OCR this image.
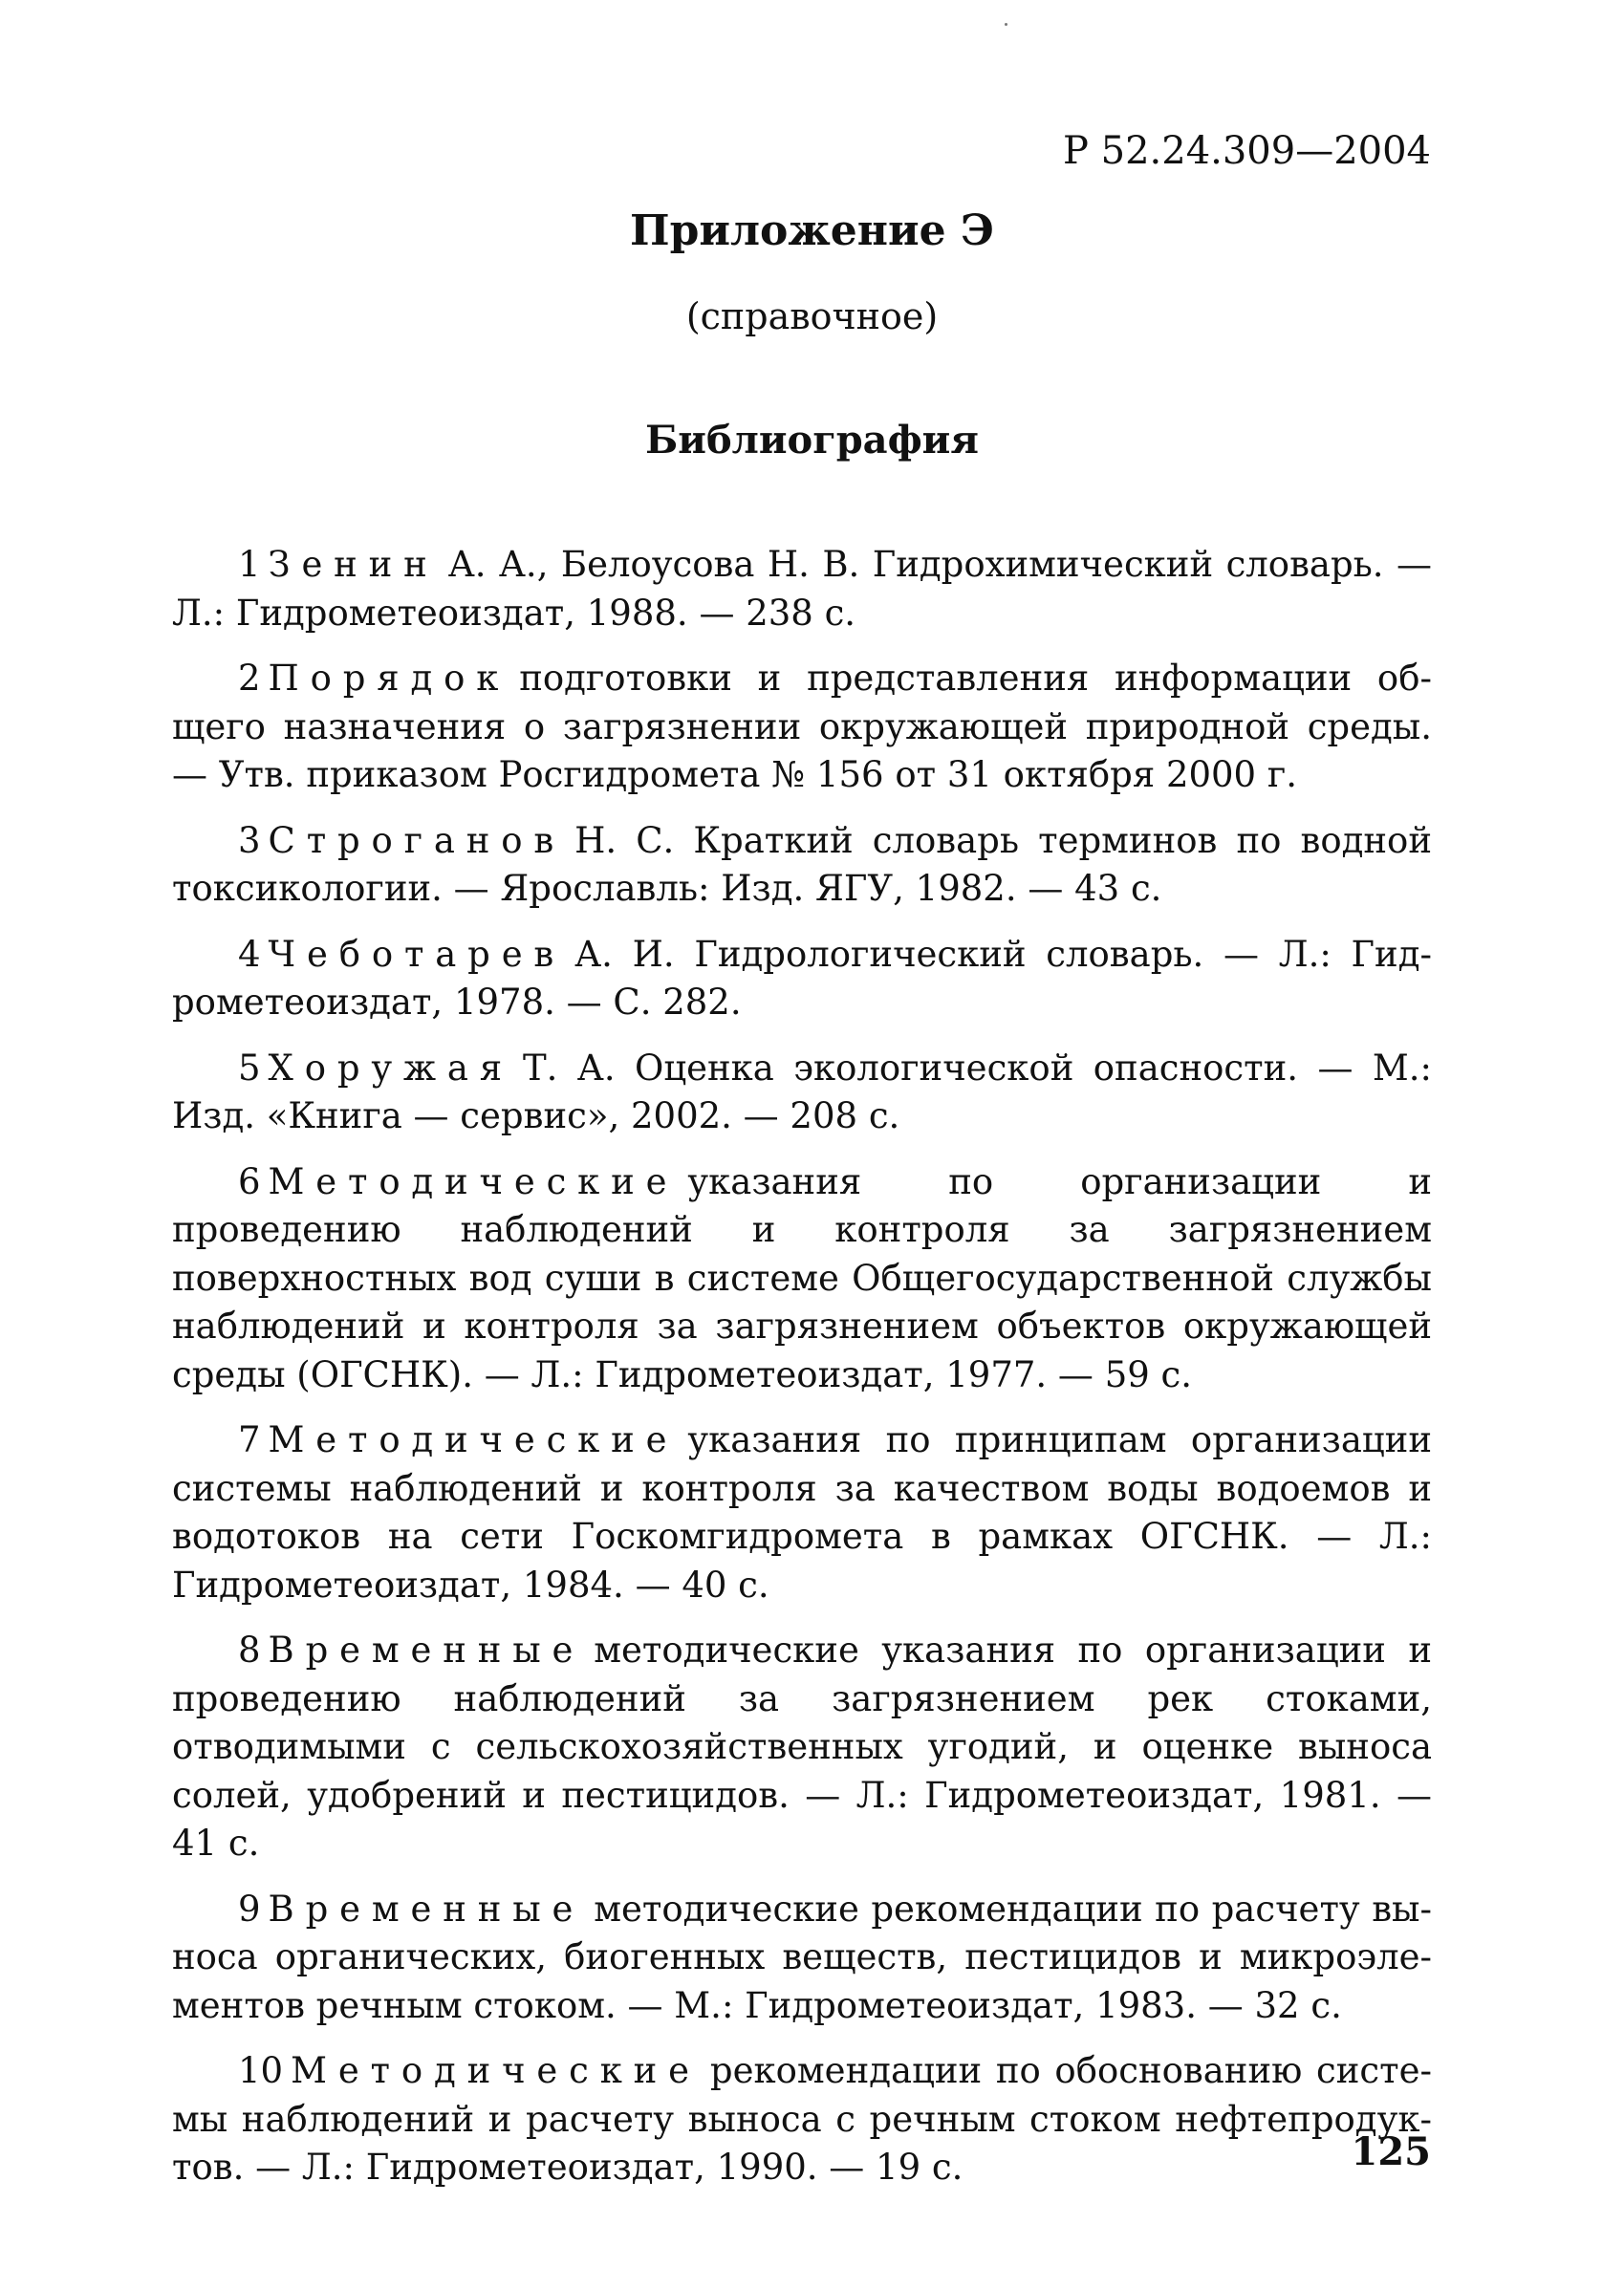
Р 52.24.309—2004
Приложение Э
(справочное)
Библиография

1 Зенин А. А., Белоусова Н. В. Гидрохимический словарь. — Л.: Гидрометеоиздат, 1988. — 238 с.

2 Порядок подготовки и представления информации общего назначения о загрязнении окружающей природной среды. — Утв. приказом Росгидромета № 156 от 31 октября 2000 г.

3 Строганов Н. С. Краткий словарь терминов по водной токсикологии. — Ярославль: Изд. ЯГУ, 1982. — 43 с.

4 Чеботарев А. И. Гидрологический словарь. — Л.: Гидрометеоиздат, 1978. — С. 282.

5 Хоружая Т. А. Оценка экологической опасности. — М.: Изд. «Книга — сервис», 2002. — 208 с.

6 Методические указания по организации и проведению наблюдений и контроля за загрязнением поверхностных вод суши в системе Общегосударственной службы наблюдений и контроля за загрязнением объектов окружающей среды (ОГСНК). — Л.: Гидрометеоиздат, 1977. — 59 с.

7 Методические указания по принципам организации системы наблюдений и контроля за качеством воды водоемов и водотоков на сети Госкомгидромета в рамках ОГСНК. — Л.: Гидрометеоиздат, 1984. — 40 с.

8 Временные методические указания по организации и проведению наблюдений за загрязнением рек стоками, отводимыми с сельскохозяйственных угодий, и оценке выноса солей, удобрений и пестицидов. — Л.: Гидрометеоиздат, 1981. — 41 с.

9 Временные методические рекомендации по расчету выноса органических, биогенных веществ, пестицидов и микроэлементов речным стоком. — М.: Гидрометеоиздат, 1983. — 32 с.

10 Методические рекомендации по обоснованию системы наблюдений и расчету выноса с речным стоком нефтепродуктов. — Л.: Гидрометеоиздат, 1990. — 19 с.	125
